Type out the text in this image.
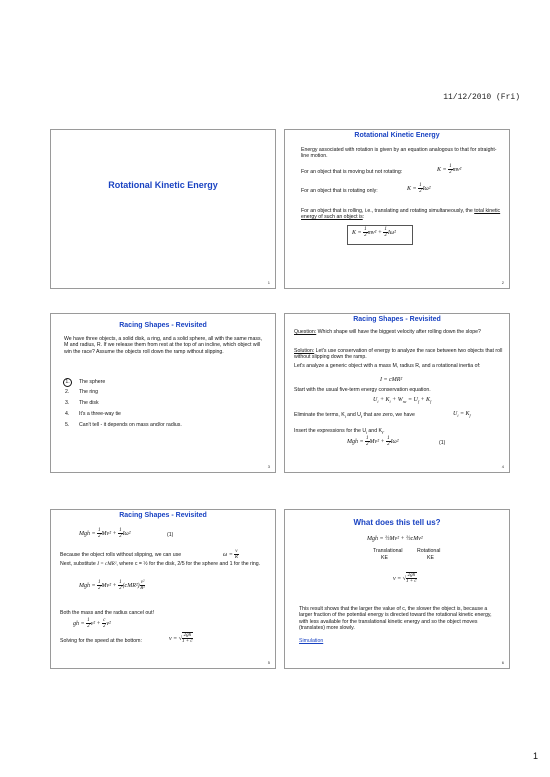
11/12/2010 (Fri)
Rotational Kinetic Energy
1
Rotational Kinetic Energy
Energy associated with rotation is given by an equation analogous to that for straight-line motion.
For an object that is moving but not rotating:	$K = \frac{1}{2} mv^2$
For an object that is rotating only:	$K = \frac{1}{2} I\omega^2$
For an object that is rolling, i.e., translating and rotating simultaneously, the total kinetic energy of such an object is:
$K = \frac{1}{2} mv^2 + \frac{1}{2} I\omega^2$
2
Racing Shapes - Revisited
We have three objects, a solid disk, a ring, and a solid sphere, all with the same mass, M and radius, R. If we release them from rest at the top of an incline, which object will win the race? Assume the objects roll down the ramp without slipping.
1. The sphere
2. The ring
3. The disk
4. It's a three-way tie
5. Can't tell - it depends on mass and/or radius.
3
Racing Shapes - Revisited
Question: Which shape will have the biggest velocity after rolling down the slope?
Solution: Let's use conservation of energy to analyze the race between two objects that roll without slipping down the ramp.
Let's analyze a generic object with a mass M, radius R, and a rotational inertia of:
I = cMR²
Start with the usual five-term energy conservation equation.
$U_i + K_i + W_{nc} = U_f + K_f$
Eliminate the terms, $K_i$ and $U_f$ that are zero, we have	$U_i = K_f$
Insert the expressions for the $U_i$ and $K_f$.
Mgh = $\frac{1}{2} Mv^2 + \frac{1}{2} I\omega^2$	(1)
4
Racing Shapes - Revisited
Mgh = $\frac{1}{2} Mv^2 + \frac{1}{2} I\omega^2$	(1)
Because the object rolls without slipping, we can use	$\omega = \frac{v}{R}$
Next, substitute I = cMR², where c = ½ for the disk, 2/5 for the sphere and 1 for the ring.
Mgh = $\frac{1}{2} Mv^2 + \frac{1}{2} (cMR^2) \frac{\text{v²}}{\text{R²}}$
Both the mass and the radius cancel out!
gh = $\frac{1}{2} v^2 + \frac{c}{2} v^2$
Solving for the speed at the bottom:	v = √ $\frac{2gh}{1 + c}$
5
What does this tell us?
Mgh = ½Mv² + ½cMv²
Translational	Rotational
KE	KE
v = √ $\frac{2gh}{1 + c}$
This result shows that the larger the value of c, the slower the object is, because a larger fraction of the potential energy is directed toward the rotational kinetic energy, with less available for the translational kinetic energy and so the object moves (translates) more slowly.
Simulation
6
1
